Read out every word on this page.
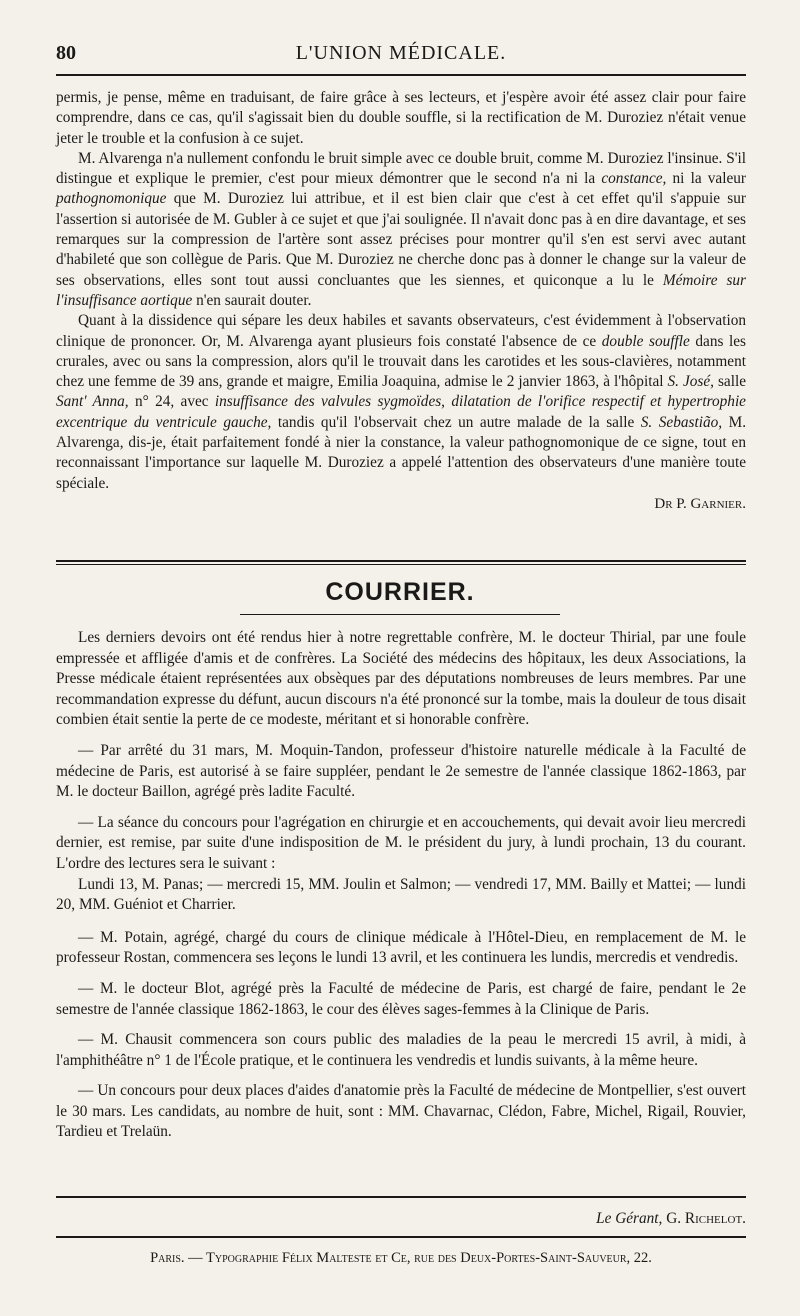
80	L'UNION MÉDICALE.

permis, je pense, même en traduisant, de faire grâce à ses lecteurs, et j'espère avoir été assez clair pour faire comprendre, dans ce cas, qu'il s'agissait bien du double souffle, si la rectification de M. Duroziez n'était venue jeter le trouble et la confusion à ce sujet.

M. Alvarenga n'a nullement confondu le bruit simple avec ce double bruit, comme M. Duroziez l'insinue. S'il distingue et explique le premier, c'est pour mieux démontrer que le second n'a ni la constance, ni la valeur pathognomonique que M. Duroziez lui attribue, et il est bien clair que c'est à cet effet qu'il s'appuie sur l'assertion si autorisée de M. Gubler à ce sujet et que j'ai soulignée. Il n'avait donc pas à en dire davantage, et ses remarques sur la compression de l'artère sont assez précises pour montrer qu'il s'en est servi avec autant d'habileté que son collègue de Paris. Que M. Duroziez ne cherche donc pas à donner le change sur la valeur de ses observations, elles sont tout aussi concluantes que les siennes, et quiconque a lu le Mémoire sur l'insuffisance aortique n'en saurait douter.

Quant à la dissidence qui sépare les deux habiles et savants observateurs, c'est évidemment à l'observation clinique de prononcer. Or, M. Alvarenga ayant plusieurs fois constaté l'absence de ce double souffle dans les crurales, avec ou sans la compression, alors qu'il le trouvait dans les carotides et les sous-clavières, notamment chez une femme de 39 ans, grande et maigre, Emilia Joaquina, admise le 2 janvier 1863, à l'hôpital S. José, salle Sant' Anna, n° 24, avec insuffisance des valvules sygmoïdes, dilatation de l'orifice respectif et hypertrophie excentrique du ventricule gauche, tandis qu'il l'observait chez un autre malade de la salle S. Sebastião, M. Alvarenga, dis-je, était parfaitement fondé à nier la constance, la valeur pathognomonique de ce signe, tout en reconnaissant l'importance sur laquelle M. Duroziez a appelé l'attention des observateurs d'une manière toute spéciale.

Dr P. Garnier.

COURRIER.

Les derniers devoirs ont été rendus hier à notre regrettable confrère, M. le docteur Thirial, par une foule empressée et affligée d'amis et de confrères. La Société des médecins des hôpitaux, les deux Associations, la Presse médicale étaient représentées aux obsèques par des députations nombreuses de leurs membres. Par une recommandation expresse du défunt, aucun discours n'a été prononcé sur la tombe, mais la douleur de tous disait combien était sentie la perte de ce modeste, méritant et si honorable confrère.

— Par arrêté du 31 mars, M. Moquin-Tandon, professeur d'histoire naturelle médicale à la Faculté de médecine de Paris, est autorisé à se faire suppléer, pendant le 2e semestre de l'année classique 1862-1863, par M. le docteur Baillon, agrégé près ladite Faculté.

— La séance du concours pour l'agrégation en chirurgie et en accouchements, qui devait avoir lieu mercredi dernier, est remise, par suite d'une indisposition de M. le président du jury, à lundi prochain, 13 du courant. L'ordre des lectures sera le suivant :

Lundi 13, M. Panas; — mercredi 15, MM. Joulin et Salmon; — vendredi 17, MM. Bailly et Mattei; — lundi 20, MM. Guéniot et Charrier.

— M. Potain, agrégé, chargé du cours de clinique médicale à l'Hôtel-Dieu, en remplacement de M. le professeur Rostan, commencera ses leçons le lundi 13 avril, et les continuera les lundis, mercredis et vendredis.

— M. le docteur Blot, agrégé près la Faculté de médecine de Paris, est chargé de faire, pendant le 2e semestre de l'année classique 1862-1863, le cour des élèves sages-femmes à la Clinique de Paris.

— M. Chausit commencera son cours public des maladies de la peau le mercredi 15 avril, à midi, à l'amphithéâtre n° 1 de l'École pratique, et le continuera les vendredis et lundis suivants, à la même heure.

— Un concours pour deux places d'aides d'anatomie près la Faculté de médecine de Montpellier, s'est ouvert le 30 mars. Les candidats, au nombre de huit, sont : MM. Chavarnac, Clédon, Fabre, Michel, Rigail, Rouvier, Tardieu et Trelaün.

Le Gérant, G. Richelot.
Paris. — Typographie Félix Malteste et Ce, rue des Deux-Portes-Saint-Sauveur, 22.
